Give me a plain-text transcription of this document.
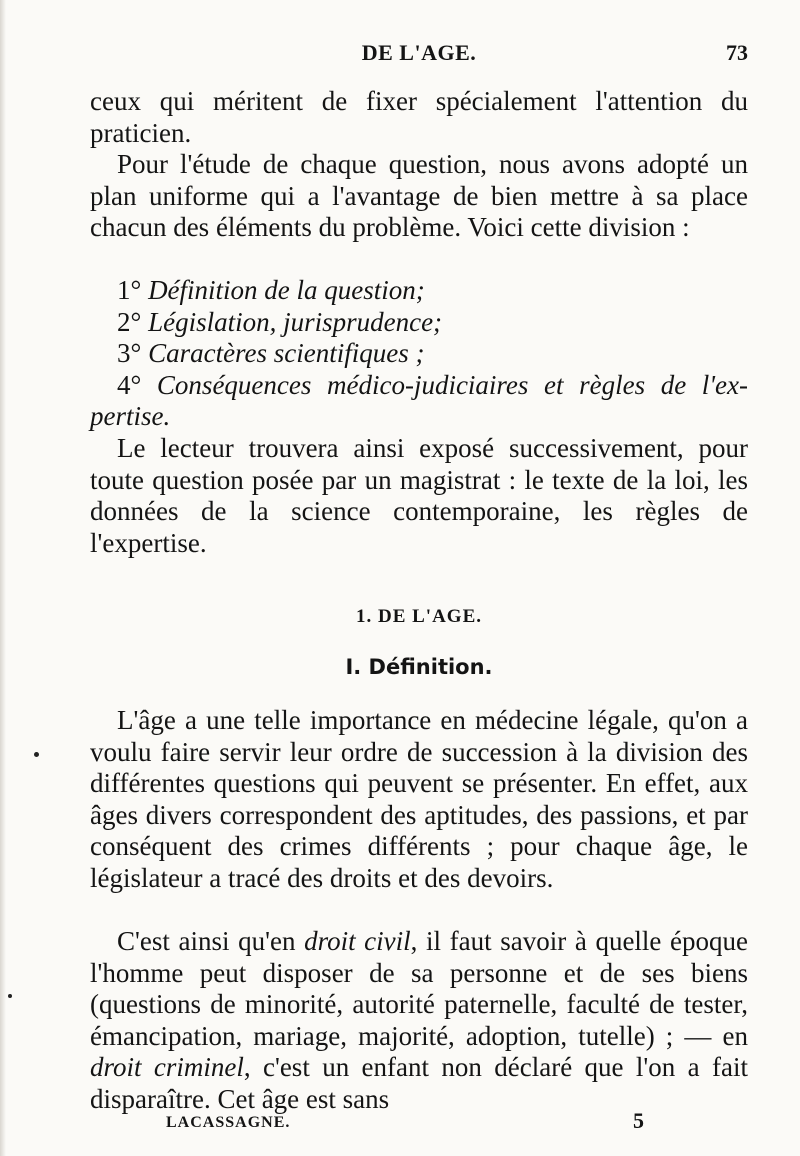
DE L'AGE.	73

ceux qui méritent de fixer spécialement l'attention du praticien.

Pour l'étude de chaque question, nous avons adopté un plan uniforme qui a l'avantage de bien mettre à sa place chacun des éléments du problème. Voici cette division :

1° Définition de la question;

2° Législation, jurisprudence;

3° Caractères scientifiques ;

4° Conséquences médico-judiciaires et règles de l'ex-

pertise.

Le lecteur trouvera ainsi exposé successivement, pour toute question posée par un magistrat : le texte de la loi, les données de la science contemporaine, les règles de l'expertise.

1. DE L'AGE.
I. Définition.

L'âge a une telle importance en médecine légale, qu'on a voulu faire servir leur ordre de succession à la division des différentes questions qui peuvent se présenter. En effet, aux âges divers correspondent des aptitudes, des passions, et par conséquent des crimes différents ; pour chaque âge, le législateur a tracé des droits et des devoirs.

C'est ainsi qu'en droit civil, il faut savoir à quelle époque l'homme peut disposer de sa personne et de ses biens (questions de minorité, autorité paternelle, faculté de tester, émancipation, mariage, majorité, adoption, tutelle) ; — en droit criminel, c'est un enfant non déclaré que l'on a fait disparaître. Cet âge est sans

LACASSAGNE.	5
